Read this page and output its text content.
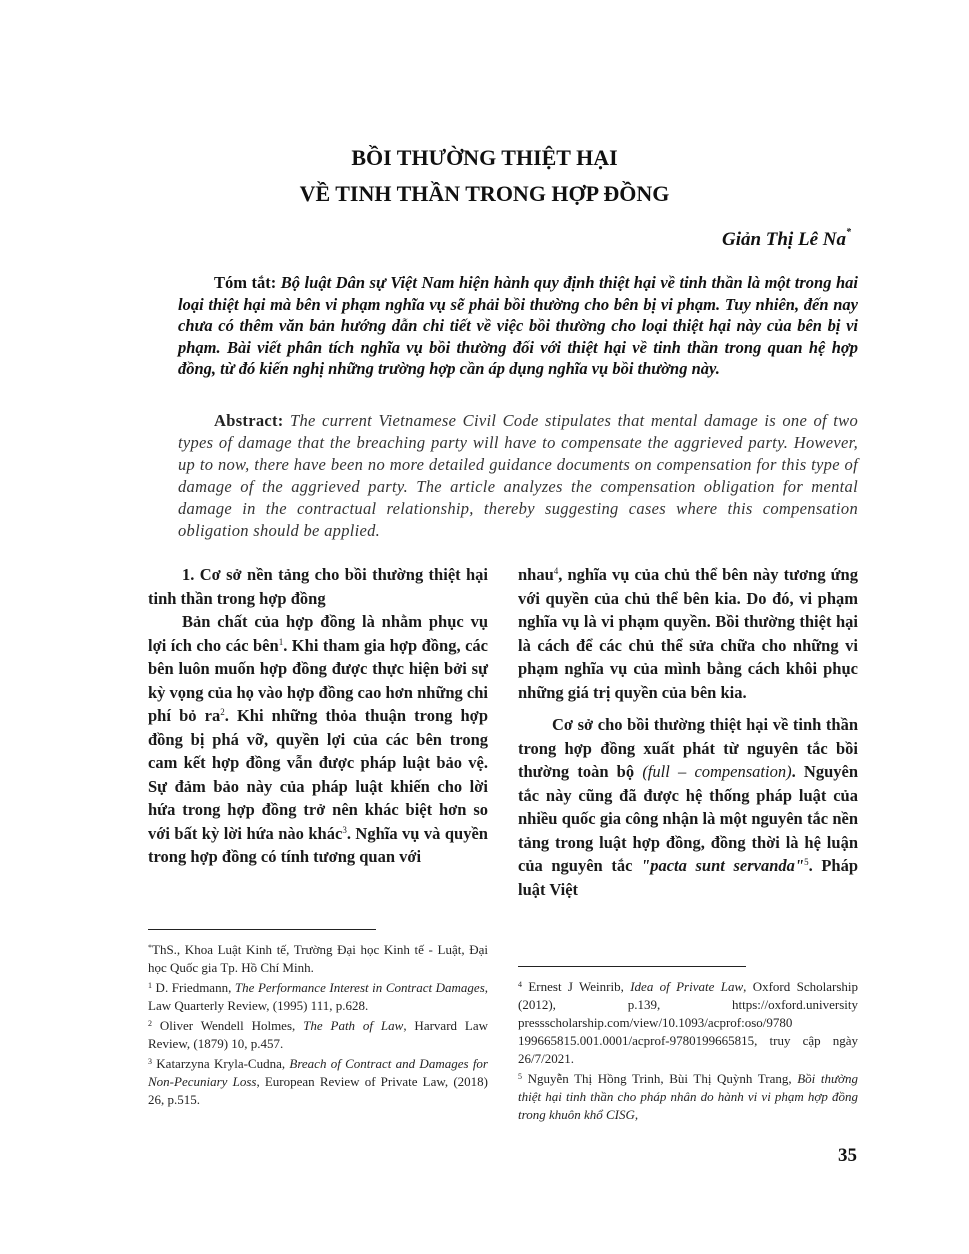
BỒI THƯỜNG THIỆT HẠI
VỀ TINH THẦN TRONG HỢP ĐỒNG
Giản Thị Lê Na*
Tóm tắt: Bộ luật Dân sự Việt Nam hiện hành quy định thiệt hại về tinh thần là một trong hai loại thiệt hại mà bên vi phạm nghĩa vụ sẽ phải bồi thường cho bên bị vi phạm. Tuy nhiên, đến nay chưa có thêm văn bản hướng dẫn chi tiết về việc bồi thường cho loại thiệt hại này của bên bị vi phạm. Bài viết phân tích nghĩa vụ bồi thường đối với thiệt hại về tinh thần trong quan hệ hợp đồng, từ đó kiến nghị những trường hợp cần áp dụng nghĩa vụ bồi thường này.
Abstract: The current Vietnamese Civil Code stipulates that mental damage is one of two types of damage that the breaching party will have to compensate the aggrieved party. However, up to now, there have been no more detailed guidance documents on compensation for this type of damage of the aggrieved party. The article analyzes the compensation obligation for mental damage in the contractual relationship, thereby suggesting cases where this compensation obligation should be applied.

1. Cơ sở nền tảng cho bồi thường thiệt hại tinh thần trong hợp đồng

Bản chất của hợp đồng là nhằm phục vụ lợi ích cho các bên$^1$. Khi tham gia hợp đồng, các bên luôn muốn hợp đồng được thực hiện bởi sự kỳ vọng của họ vào hợp đồng cao hơn những chi phí bỏ ra$^2$. Khi những thỏa thuận trong hợp đồng bị phá vỡ, quyền lợi của các bên trong cam kết hợp đồng vẫn được pháp luật bảo vệ. Sự đảm bảo này của pháp luật khiến cho lời hứa trong hợp đồng trở nên khác biệt hơn so với bất kỳ lời hứa nào khác$^3$. Nghĩa vụ và quyền trong hợp đồng có tính tương quan với

nhau$^4$, nghĩa vụ của chủ thể bên này tương ứng với quyền của chủ thể bên kia. Do đó, vi phạm nghĩa vụ là vi phạm quyền. Bồi thường thiệt hại là cách để các chủ thể sửa chữa cho những vi phạm nghĩa vụ của mình bằng cách khôi phục những giá trị quyền của bên kia.

Cơ sở cho bồi thường thiệt hại về tinh thần trong hợp đồng xuất phát từ nguyên tắc bồi thường toàn bộ (full – compensation). Nguyên tắc này cũng đã được hệ thống pháp luật của nhiều quốc gia công nhận là một nguyên tắc nền tảng trong luật hợp đồng, đồng thời là hệ luận của nguyên tắc "pacta sunt servanda"$^5$. Pháp luật Việt

*ThS., Khoa Luật Kinh tế, Trường Đại học Kinh tế - Luật, Đại học Quốc gia Tp. Hồ Chí Minh.

$^1$ D. Friedmann, The Performance Interest in Contract Damages, Law Quarterly Review, (1995) 111, p.628.

$^2$ Oliver Wendell Holmes, The Path of Law, Harvard Law Review, (1879) 10, p.457.

$^3$ Katarzyna Kryla-Cudna, Breach of Contract and Damages for Non-Pecuniary Loss, European Review of Private Law, (2018) 26, p.515.

$^4$ Ernest J Weinrib, Idea of Private Law, Oxford Scholarship (2012), p.139, https://oxford.university pressscholarship.com/view/10.1093/acprof:oso/9780 199665815.001.0001/acprof-9780199665815, truy cập ngày 26/7/2021.

$^5$ Nguyễn Thị Hồng Trinh, Bùi Thị Quỳnh Trang, Bồi thường thiệt hại tinh thần cho pháp nhân do hành vi vi phạm hợp đồng trong khuôn khổ CISG,

35
